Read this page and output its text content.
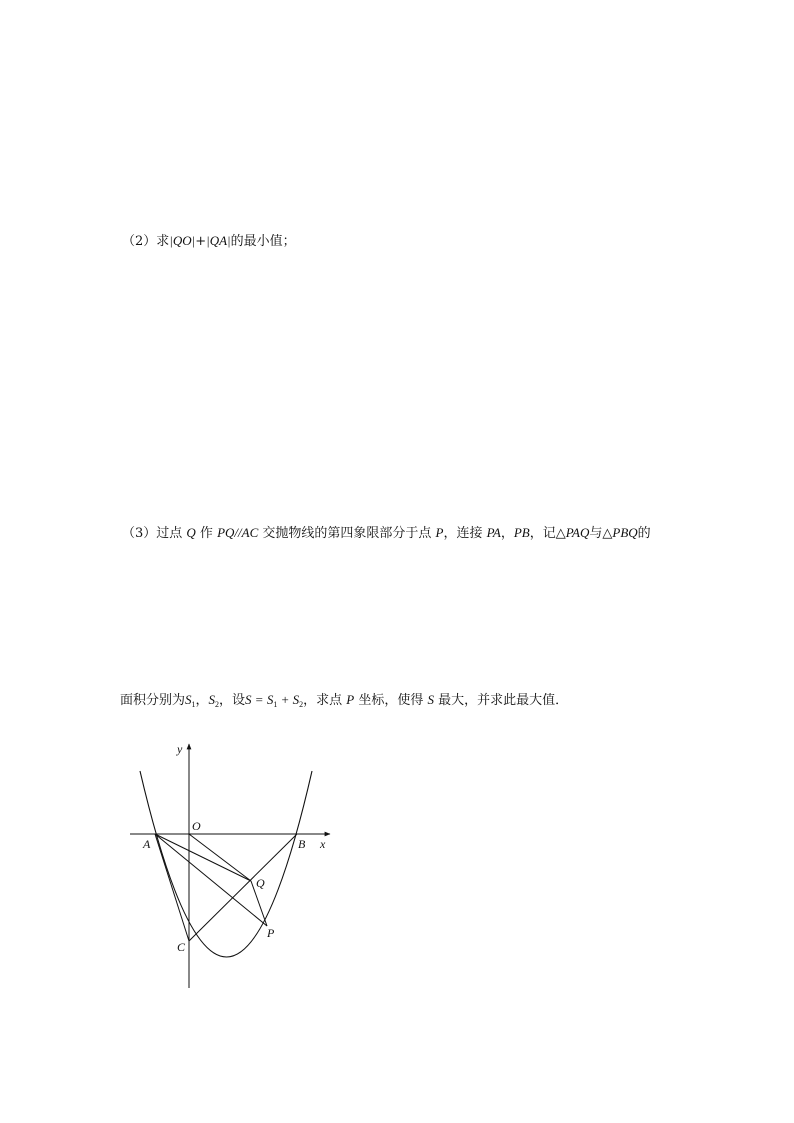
（2）求|QO|+|QA|的最小值；
（3）过点 Q 作 PQ//AC 交抛物线的第四象限部分于点 P，连接 PA，PB，记△PAQ与△PBQ的
面积分别为$S_1$，$S_2$，设$S = S_1 + S_2$，求点 P 坐标，使得 S 最大，并求此最大值．
y
x
O
A	B
C
Q
P
